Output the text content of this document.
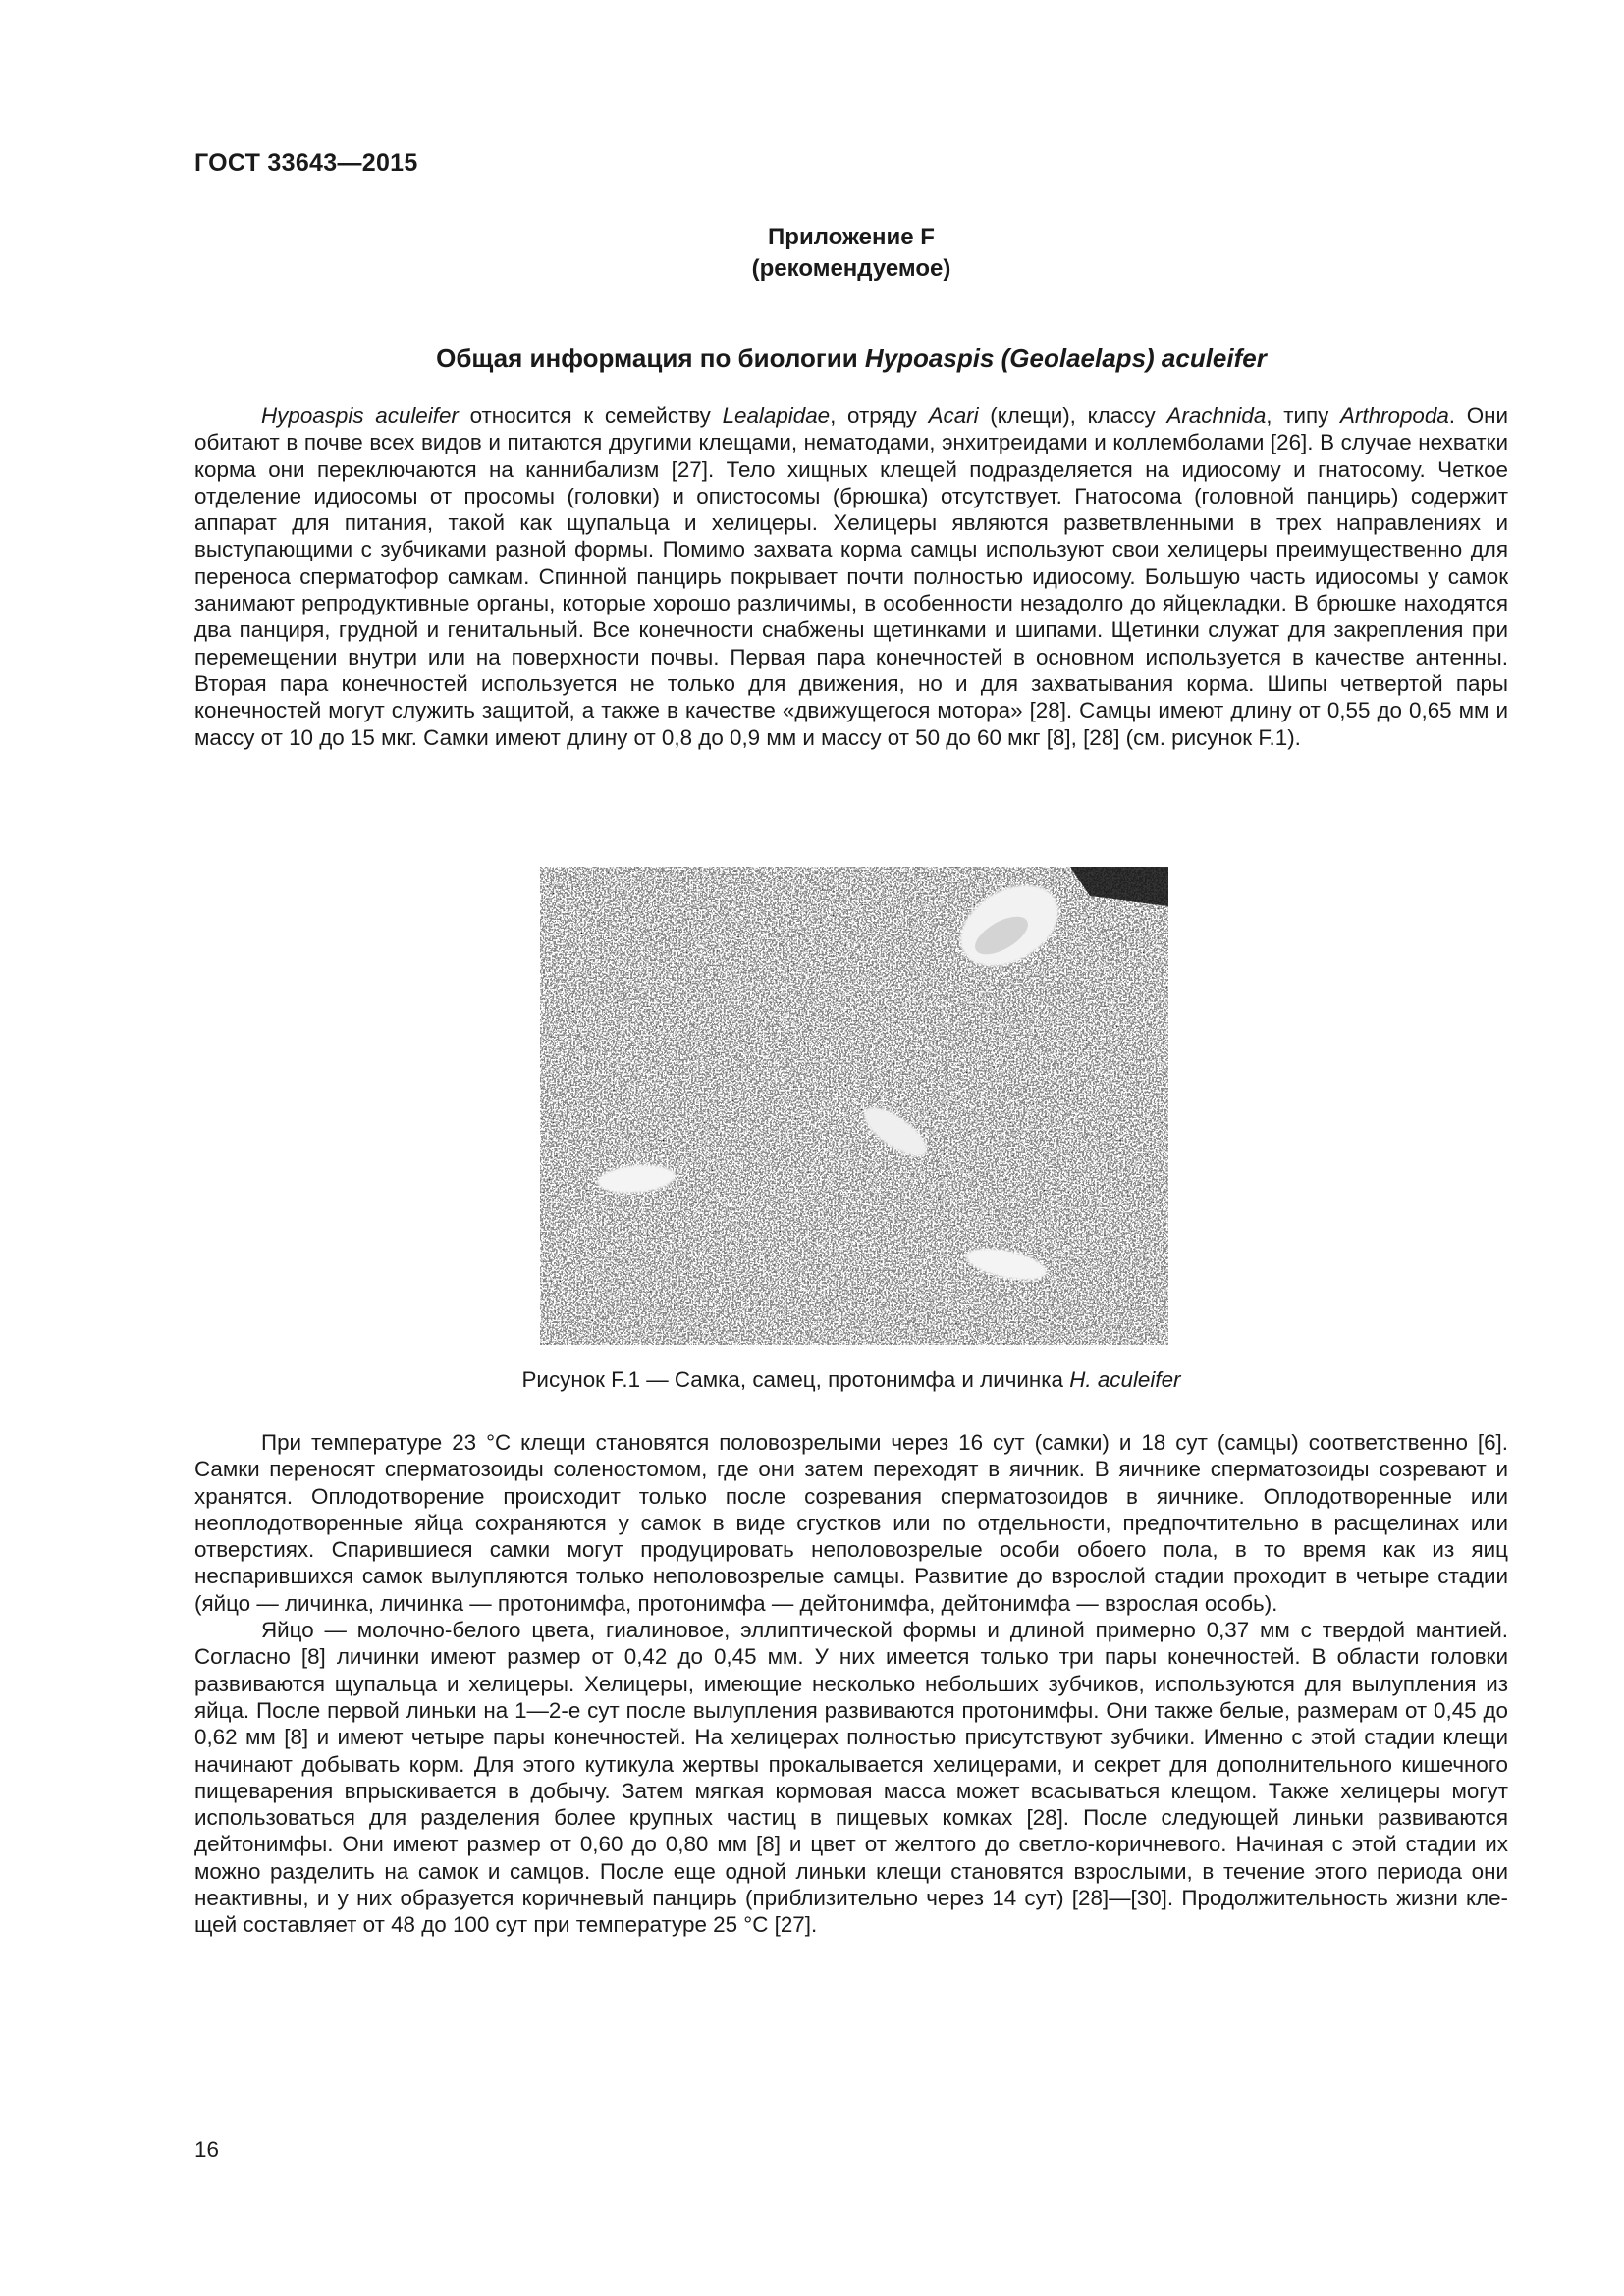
ГОСТ 33643—2015
Приложение F
(рекомендуемое)
Общая информация по биологии Hypoaspis (Geolaelaps) aculeifer

Hypoaspis aculeifer относится к семейству Lealapidae, отряду Acari (клещи), классу Arachnida, типу Arthropoda. Они обитают в почве всех видов и питаются другими клещами, нематодами, энхитреидами и коллемболами [26]. В случае нехватки корма они переключаются на каннибализм [27]. Тело хищных клещей подразделяется на идиосому и гнатосому. Четкое отделение идиосомы от просомы (головки) и опистосомы (брюшка) отсутствует. Гнатосома (головной панцирь) содержит аппарат для питания, такой как щупальца и хелицеры. Хелицеры являются разветвленными в трех направлениях и выступающими с зубчиками разной формы. Помимо захвата корма самцы используют свои хелицеры преимущественно для переноса сперматофор самкам. Спинной панцирь покрывает почти полностью идиосому. Большую часть идиосомы у самок занимают репродуктивные органы, которые хорошо различимы, в особенности незадолго до яйцекладки. В брюшке находятся два панциря, грудной и генитальный. Все конечности снабжены щетинками и шипами. Щетинки служат для закрепления при перемещении внутри или на поверхности почвы. Первая пара конечностей в основном используется в качестве антенны. Вторая пара конечностей используется не только для движения, но и для захватывания корма. Шипы четвертой пары конечностей могут служить защитой, а также в качестве «движущегося мотора» [28]. Самцы имеют длину от 0,55 до 0,65 мм и массу от 10 до 15 мкг. Самки имеют длину от 0,8 до 0,9 мм и массу от 50 до 60 мкг [8], [28] (см. рисунок F.1).

Рисунок F.1 — Самка, самец, протонимфа и личинка H. aculeifer

При температуре 23 °С клещи становятся половозрелыми через 16 сут (самки) и 18 сут (самцы) соответственно [6]. Самки переносят сперматозоиды соленостомом, где они затем переходят в яичник. В яичнике сперматозоиды созревают и хранятся. Оплодотворение происходит только после созревания сперматозоидов в яичнике. Оплодотворенные или неоплодотворенные яйца сохраняются у самок в виде сгустков или по отдельности, предпочтительно в расщелинах или отверстиях. Спарившиеся самки могут продуцировать неполовозрелые особи обоего пола, в то время как из яиц неспарившихся самок вылупляются только неполовозрелые самцы. Развитие до взрослой стадии проходит в четыре стадии (яйцо — личинка, личинка — протонимфа, протонимфа — дейтонимфа, дейтонимфа — взрослая особь).

Яйцо — молочно-белого цвета, гиалиновое, эллиптической формы и длиной примерно 0,37 мм с твердой мантией. Согласно [8] личинки имеют размер от 0,42 до 0,45 мм. У них имеется только три пары конечностей. В области головки развиваются щупальца и хелицеры. Хелицеры, имеющие несколько небольших зубчиков, используются для вылупления из яйца. После первой линьки на 1—2-е сут после вылупления развиваются протонимфы. Они также белые, размерам от 0,45 до 0,62 мм [8] и имеют четыре пары конечностей. На хелицерах полностью присутствуют зубчики. Именно с этой стадии клещи начинают добывать корм. Для этого кутикула жертвы прокалывается хелицерами, и секрет для дополнительного кишечного пищеварения впрыскивается в добычу. Затем мягкая кормовая масса может всасываться клещом. Также хелицеры могут использоваться для разделения более крупных частиц в пищевых комках [28]. После следующей линьки развиваются дейтонимфы. Они имеют размер от 0,60 до 0,80 мм [8] и цвет от желтого до светло-коричневого. Начиная с этой стадии их можно разделить на самок и самцов. После еще одной линьки клещи становятся взрослыми, в течение этого периода они неактивны, и у них образуется коричневый панцирь (приблизительно через 14 сут) [28]—[30]. Продолжительность жизни клещей составляет от 48 до 100 сут при температуре 25 °С [27].

16
